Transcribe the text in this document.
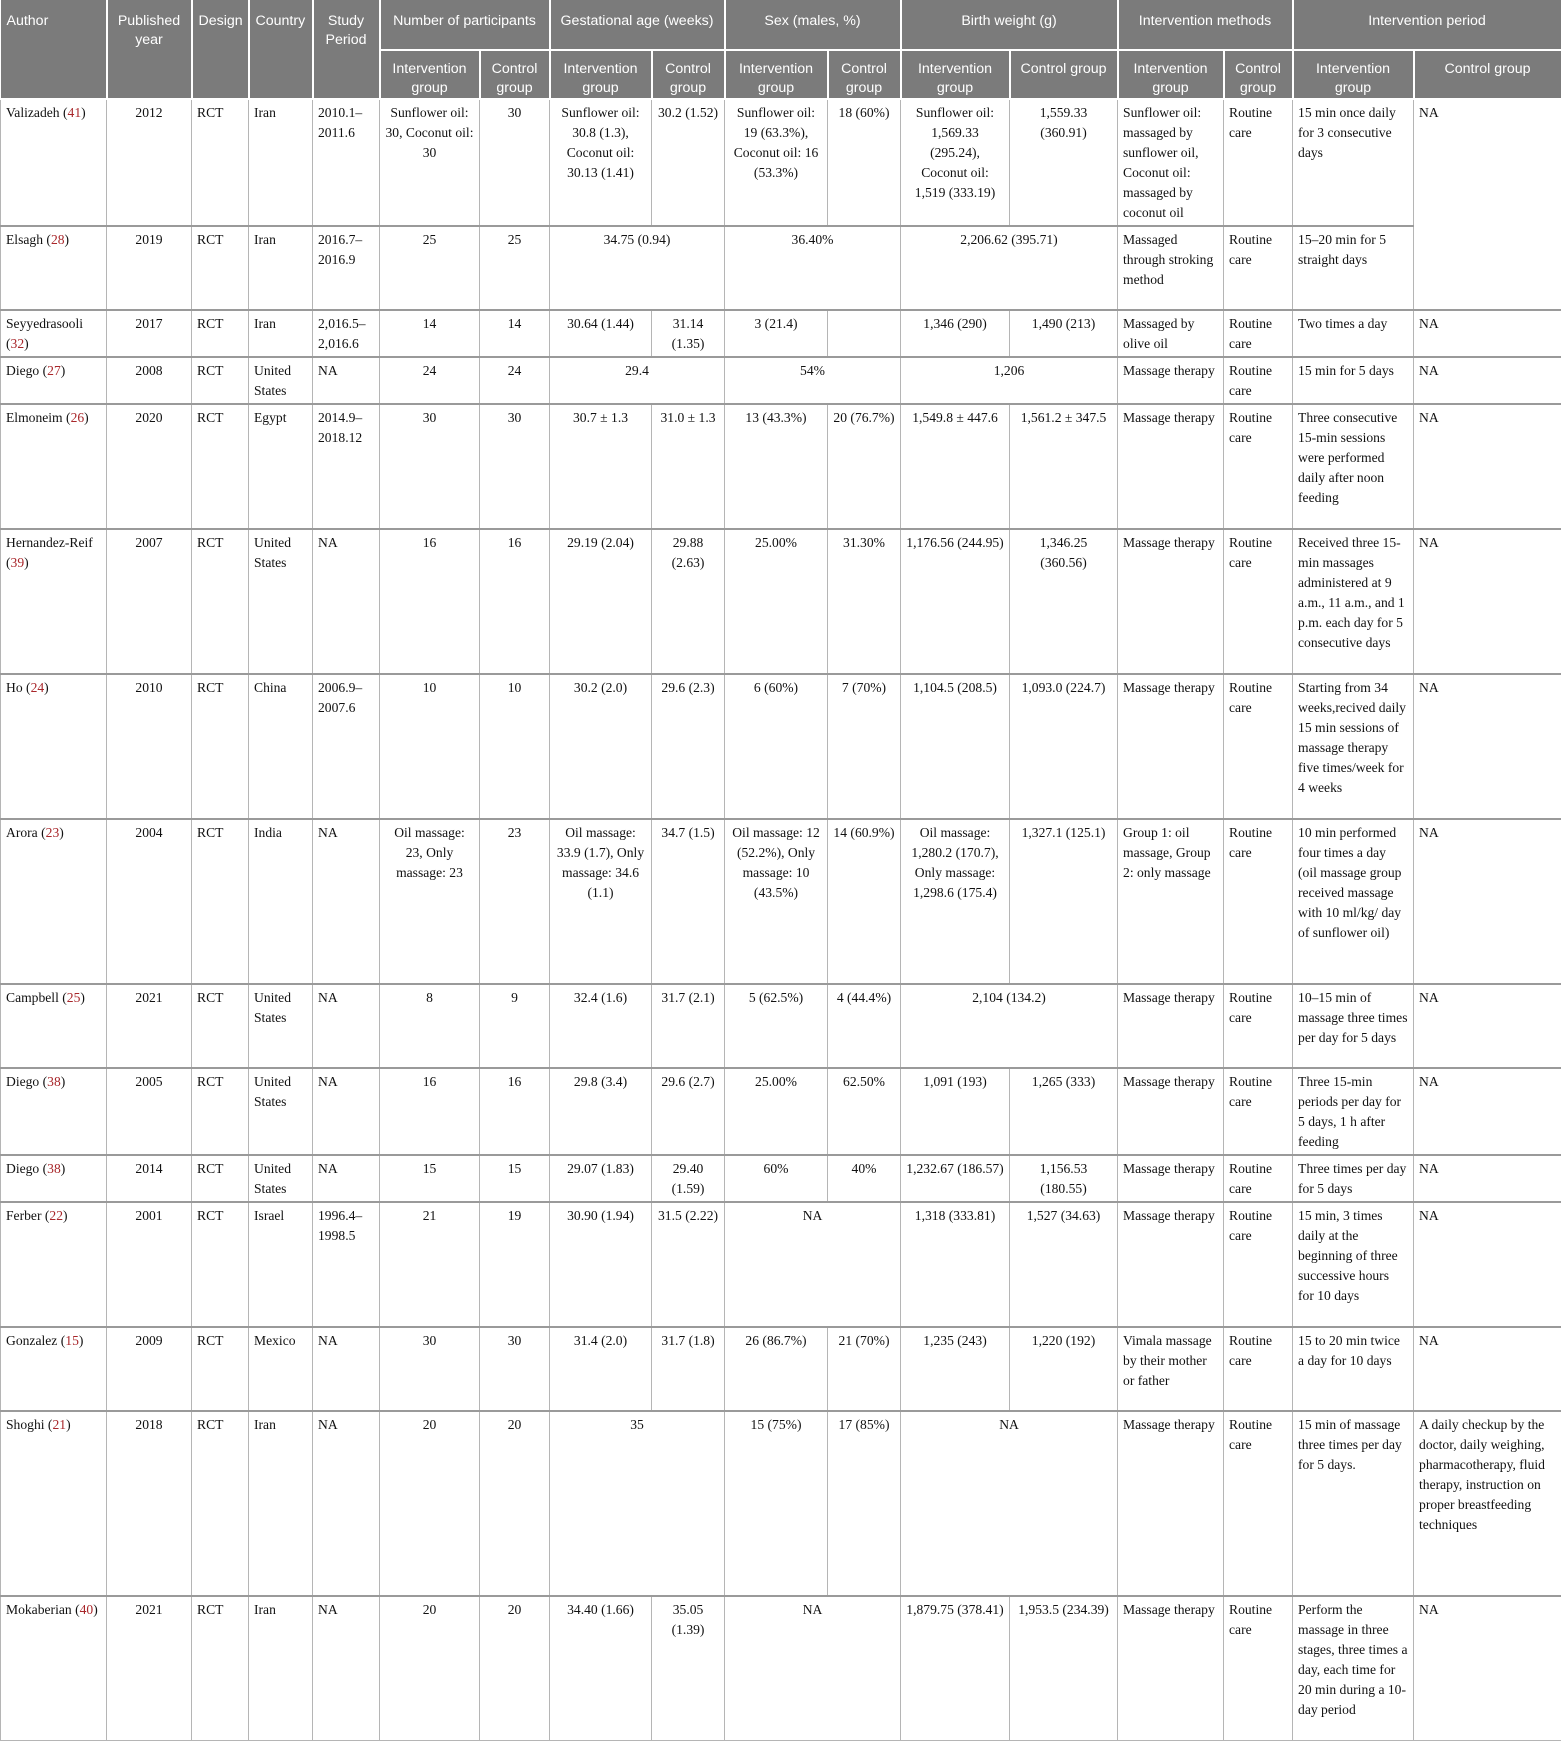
Author	Published year	Design	Country	Study Period	Number of participants		Gestational age (weeks)		Sex (males, %)		Birth weight (g)		Intervention methods		Intervention period	
					Intervention group	Control group	Intervention group	Control group	Intervention group	Control group	Intervention group	Control group	Intervention group	Control group	Intervention group	Control group
Valizadeh (41)	2012	RCT	Iran	2010.1–2011.6	Sunflower oil: 30, Coconut oil: 30	30	Sunflower oil: 30.8 (1.3), Coconut oil: 30.13 (1.41)	30.2 (1.52)	Sunflower oil: 19 (63.3%), Coconut oil: 16 (53.3%)	18 (60%)	Sunflower oil: 1,569.33 (295.24), Coconut oil: 1,519 (333.19)	1,559.33 (360.91)	Sunflower oil: massaged by sunflower oil, Coconut oil: massaged by coconut oil	Routine care	15 min once daily for 3 consecutive days	NA
Elsagh (28)	2019	RCT	Iran	2016.7–2016.9	25	25	34.75 (0.94)		36.40%		2,206.62 (395.71)		Massaged through stroking method	Routine care	15–20 min for 5 straight days	
Seyyedrasooli (32)	2017	RCT	Iran	2,016.5–2,016.6	14	14	30.64 (1.44)	31.14 (1.35)	3 (21.4)		1,346 (290)	1,490 (213)	Massaged by olive oil	Routine care	Two times a day	NA
Diego (27)	2008	RCT	United States	NA	24	24	29.4		54%		1,206		Massage therapy	Routine care	15 min for 5 days	NA
Elmoneim (26)	2020	RCT	Egypt	2014.9–2018.12	30	30	30.7 ± 1.3	31.0 ± 1.3	13 (43.3%)	20 (76.7%)	1,549.8 ± 447.6	1,561.2 ± 347.5	Massage therapy	Routine care	Three consecutive 15-min sessions were performed daily after noon feeding	NA
Hernandez-Reif (39)	2007	RCT	United States	NA	16	16	29.19 (2.04)	29.88 (2.63)	25.00%	31.30%	1,176.56 (244.95)	1,346.25 (360.56)	Massage therapy	Routine care	Received three 15-min massages administered at 9 a.m., 11 a.m., and 1 p.m. each day for 5 consecutive days	NA
Ho (24)	2010	RCT	China	2006.9–2007.6	10	10	30.2 (2.0)	29.6 (2.3)	6 (60%)	7 (70%)	1,104.5 (208.5)	1,093.0 (224.7)	Massage therapy	Routine care	Starting from 34 weeks,recived daily 15 min sessions of massage therapy five times/week for 4 weeks	NA
Arora (23)	2004	RCT	India	NA	Oil massage: 23, Only massage: 23	23	Oil massage: 33.9 (1.7), Only massage: 34.6 (1.1)	34.7 (1.5)	Oil massage: 12 (52.2%), Only massage: 10 (43.5%)	14 (60.9%)	Oil massage: 1,280.2 (170.7), Only massage: 1,298.6 (175.4)	1,327.1 (125.1)	Group 1: oil massage, Group 2: only massage	Routine care	10 min performed four times a day (oil massage group received massage with 10 ml/kg/ day of sunflower oil)	NA
Campbell (25)	2021	RCT	United States	NA	8	9	32.4 (1.6)	31.7 (2.1)	5 (62.5%)	4 (44.4%)	2,104 (134.2)		Massage therapy	Routine care	10–15 min of massage three times per day for 5 days	NA
Diego (38)	2005	RCT	United States	NA	16	16	29.8 (3.4)	29.6 (2.7)	25.00%	62.50%	1,091 (193)	1,265 (333)	Massage therapy	Routine care	Three 15-min periods per day for 5 days, 1 h after feeding	NA
Diego (38)	2014	RCT	United States	NA	15	15	29.07 (1.83)	29.40 (1.59)	60%	40%	1,232.67 (186.57)	1,156.53 (180.55)	Massage therapy	Routine care	Three times per day for 5 days	NA
Ferber (22)	2001	RCT	Israel	1996.4–1998.5	21	19	30.90 (1.94)	31.5 (2.22)	NA		1,318 (333.81)	1,527 (34.63)	Massage therapy	Routine care	15 min, 3 times daily at the beginning of three successive hours for 10 days	NA
Gonzalez (15)	2009	RCT	Mexico	NA	30	30	31.4 (2.0)	31.7 (1.8)	26 (86.7%)	21 (70%)	1,235 (243)	1,220 (192)	Vimala massage by their mother or father	Routine care	15 to 20 min twice a day for 10 days	NA
Shoghi (21)	2018	RCT	Iran	NA	20	20	35		15 (75%)	17 (85%)	NA		Massage therapy	Routine care	15 min of massage three times per day for 5 days.	A daily checkup by the doctor, daily weighing, pharmacotherapy, fluid therapy, instruction on proper breastfeeding techniques
Mokaberian (40)	2021	RCT	Iran	NA	20	20	34.40 (1.66)	35.05 (1.39)	NA		1,879.75 (378.41)	1,953.5 (234.39)	Massage therapy	Routine care	Perform the massage in three stages, three times a day, each time for 20 min during a 10-day period	NA
